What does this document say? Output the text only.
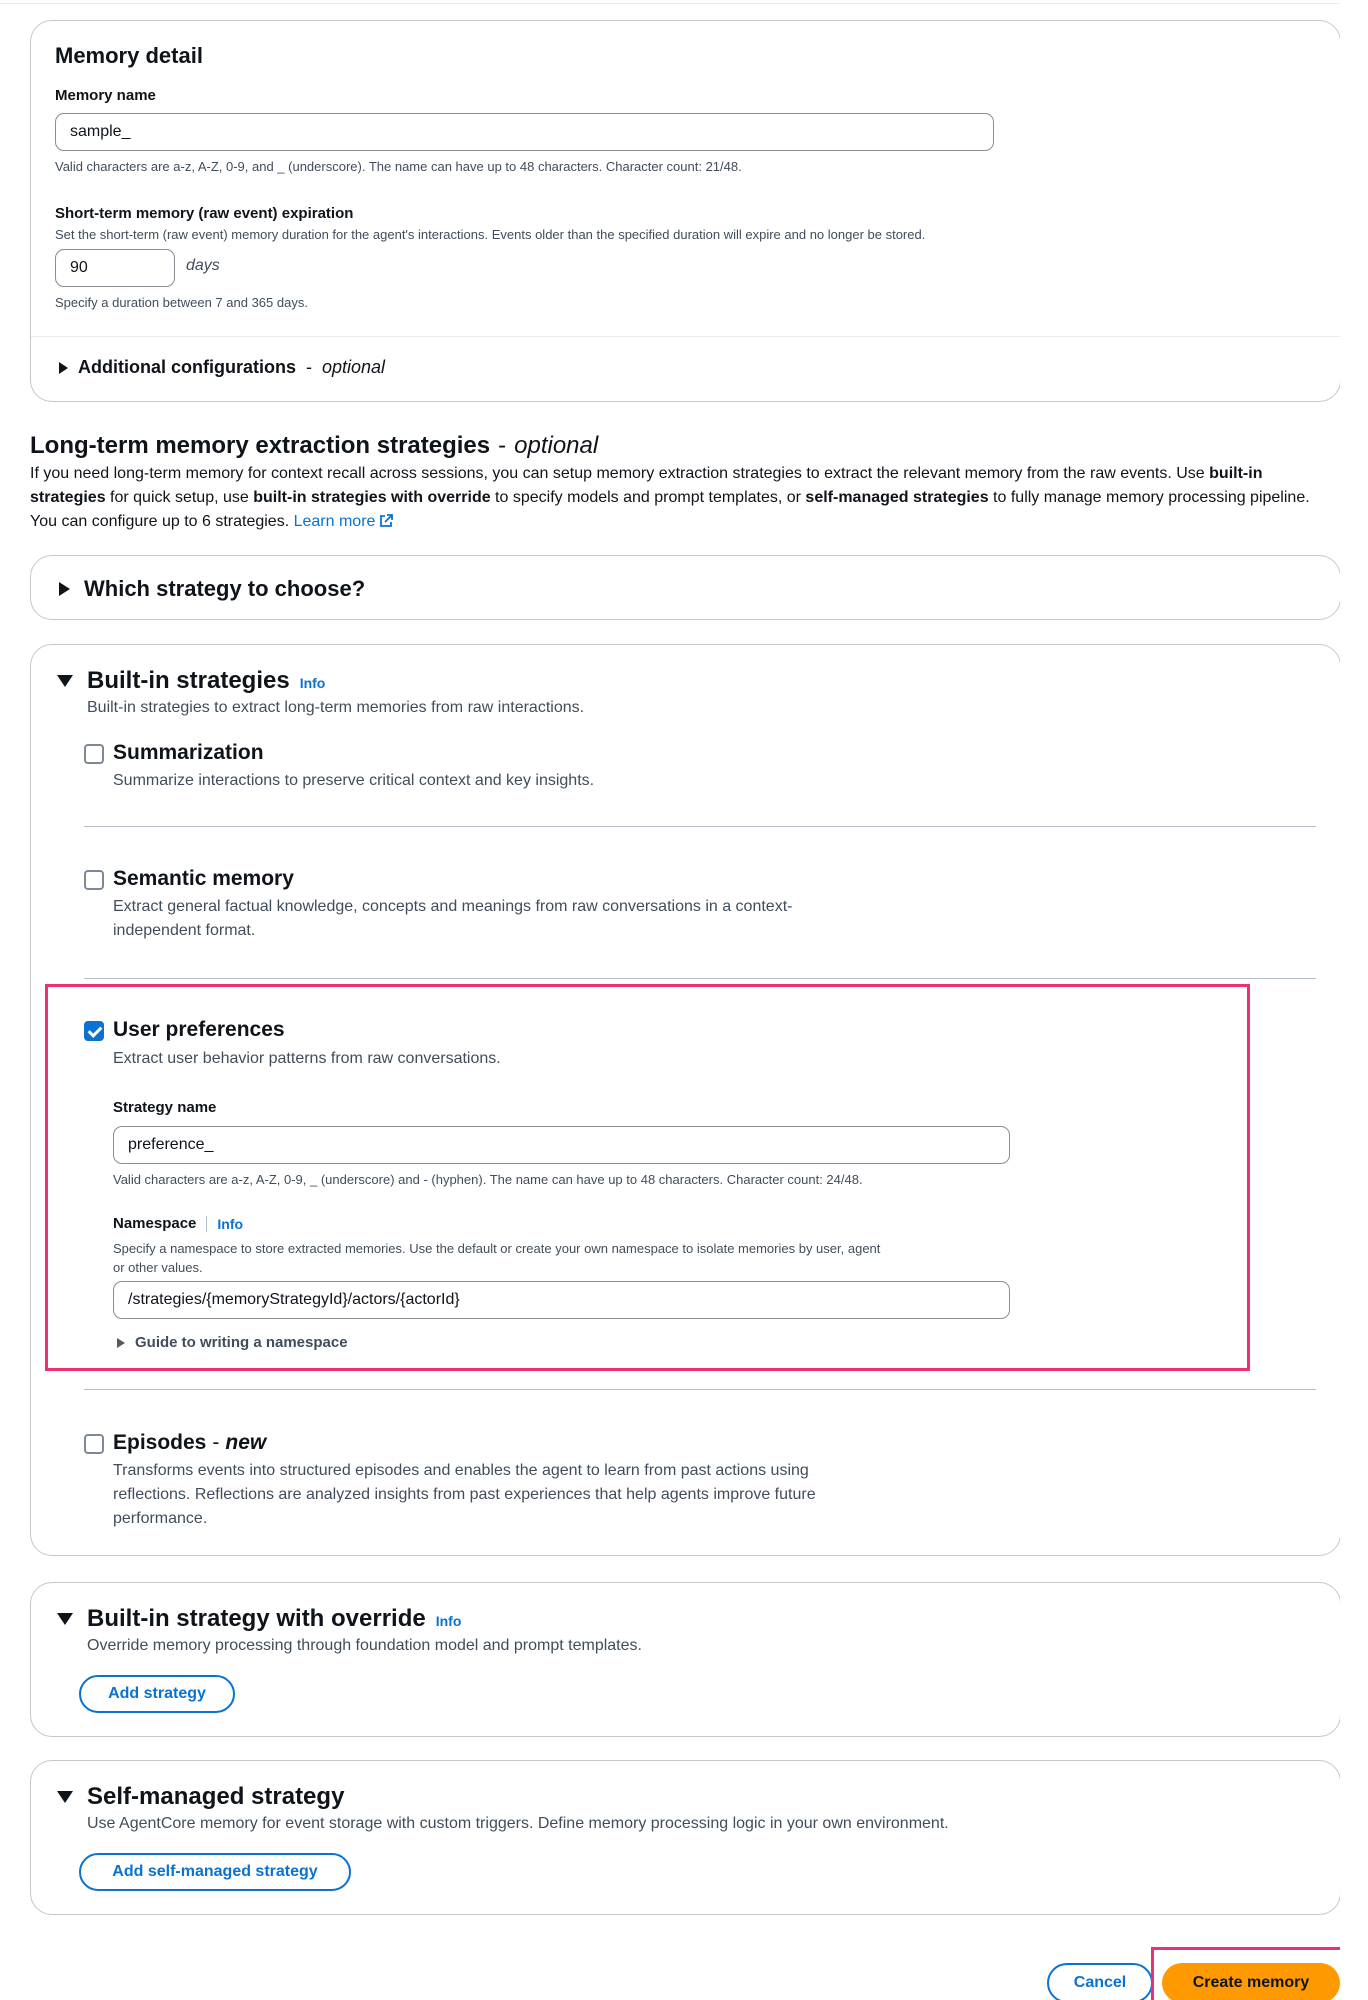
Memory detail
Memory name
sample_
Valid characters are a-z, A-Z, 0-9, and _ (underscore). The name can have up to 48 characters. Character count: 21/48.
Short-term memory (raw event) expiration
Set the short-term (raw event) memory duration for the agent's interactions. Events older than the specified duration will expire and no longer be stored.
90	days
Specify a duration between 7 and 365 days.
Additional configurations - optional
Long-term memory extraction strategies - optional
If you need long-term memory for context recall across sessions, you can setup memory extraction strategies to extract the relevant memory from the raw events. Use built-in strategies for quick setup, use built-in strategies with override to specify models and prompt templates, or self-managed strategies to fully manage memory processing pipeline. You can configure up to 6 strategies. Learn more
Which strategy to choose?
Built-in strategies Info
Built-in strategies to extract long-term memories from raw interactions.
Summarization
Summarize interactions to preserve critical context and key insights.
Semantic memory
Extract general factual knowledge, concepts and meanings from raw conversations in a context-
independent format.
User preferences
Extract user behavior patterns from raw conversations.
Strategy name
preference_
Valid characters are a-z, A-Z, 0-9, _ (underscore) and - (hyphen). The name can have up to 48 characters. Character count: 24/48.
Namespace Info
Specify a namespace to store extracted memories. Use the default or create your own namespace to isolate memories by user, agent
or other values.
/strategies/{memoryStrategyId}/actors/{actorId}
Guide to writing a namespace
Episodes - new
Transforms events into structured episodes and enables the agent to learn from past actions using
reflections. Reflections are analyzed insights from past experiences that help agents improve future
performance.
Built-in strategy with override Info
Override memory processing through foundation model and prompt templates.
Add strategy
Self-managed strategy
Use AgentCore memory for event storage with custom triggers. Define memory processing logic in your own environment.
Add self-managed strategy
Cancel	Create memory
